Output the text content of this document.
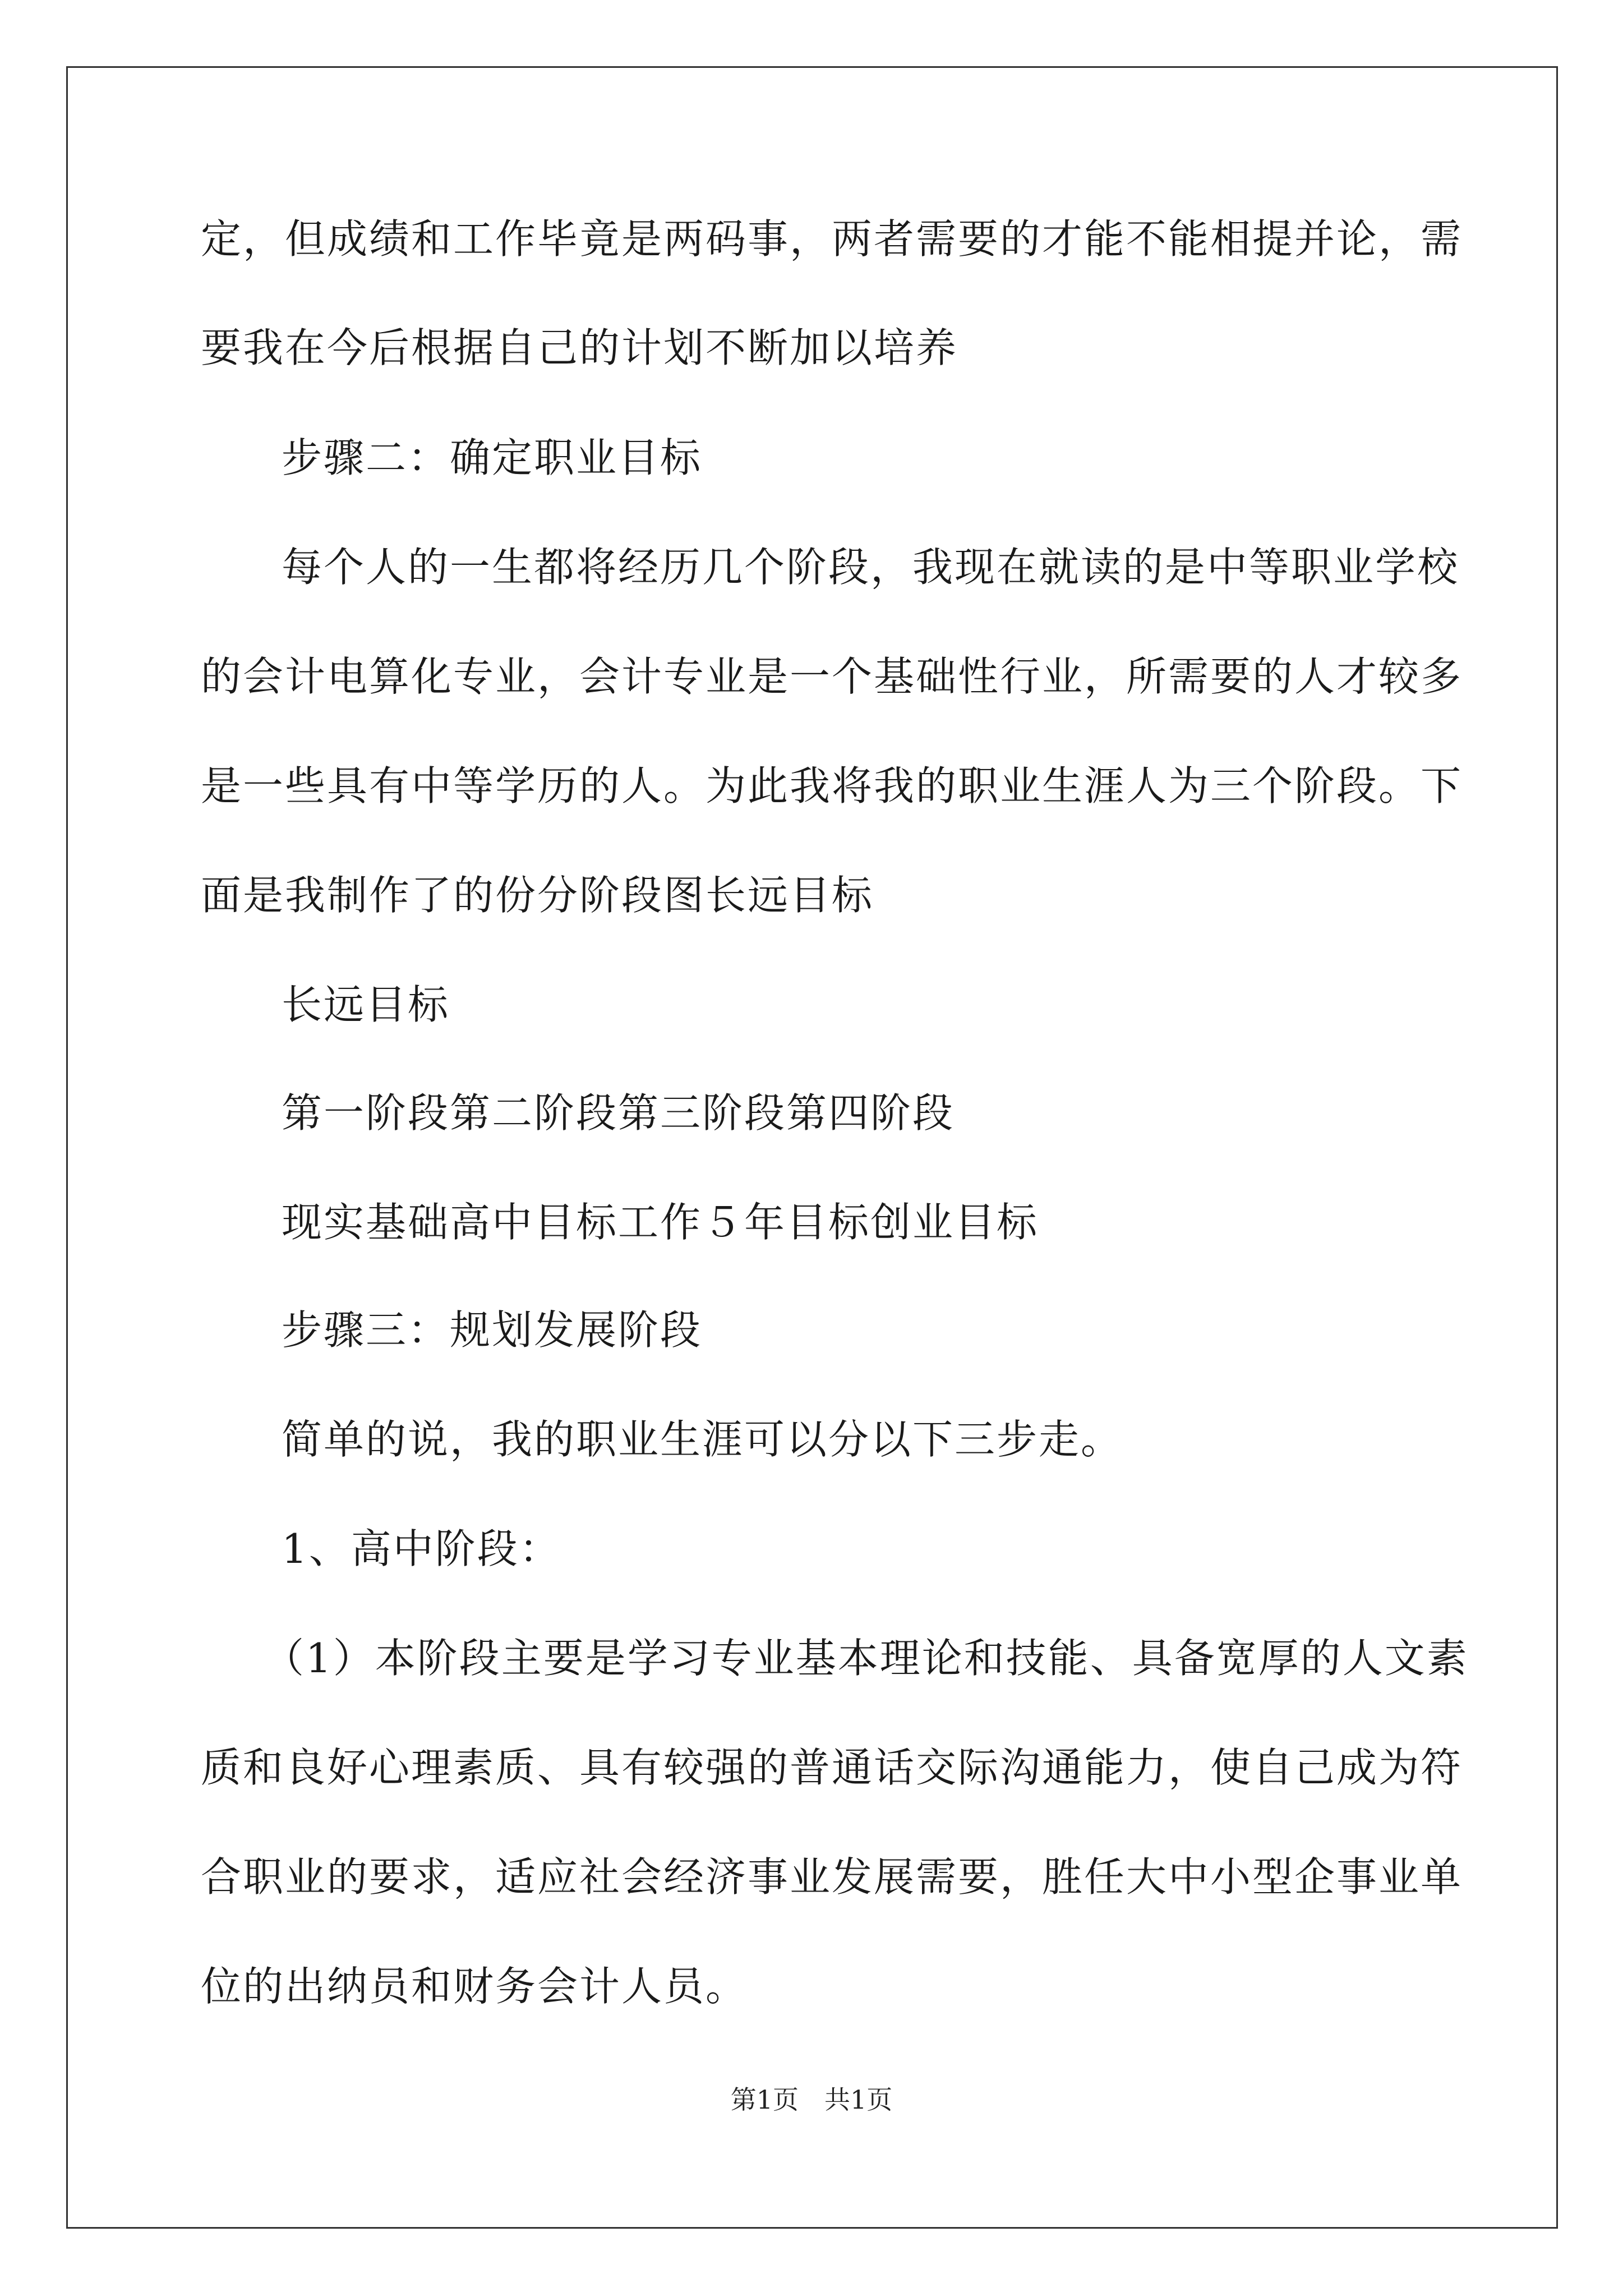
定，但成绩和工作毕竟是两码事，两者需要的才能不能相提并论，需

要我在今后根据自己的计划不断加以培养

步骤二：确定职业目标

每个人的一生都将经历几个阶段，我现在就读的是中等职业学校

的会计电算化专业，会计专业是一个基础性行业，所需要的人才较多

是一些具有中等学历的人。为此我将我的职业生涯人为三个阶段。下

面是我制作了的份分阶段图长远目标

长远目标

第一阶段第二阶段第三阶段第四阶段

现实基础高中目标工作５年目标创业目标

步骤三：规划发展阶段

简单的说，我的职业生涯可以分以下三步走。

1、高中阶段：

（1）本阶段主要是学习专业基本理论和技能、具备宽厚的人文素

质和良好心理素质、具有较强的普通话交际沟通能力，使自己成为符

合职业的要求，适应社会经济事业发展需要，胜任大中小型企事业单

位的出纳员和财务会计人员。

第1页　共1页
